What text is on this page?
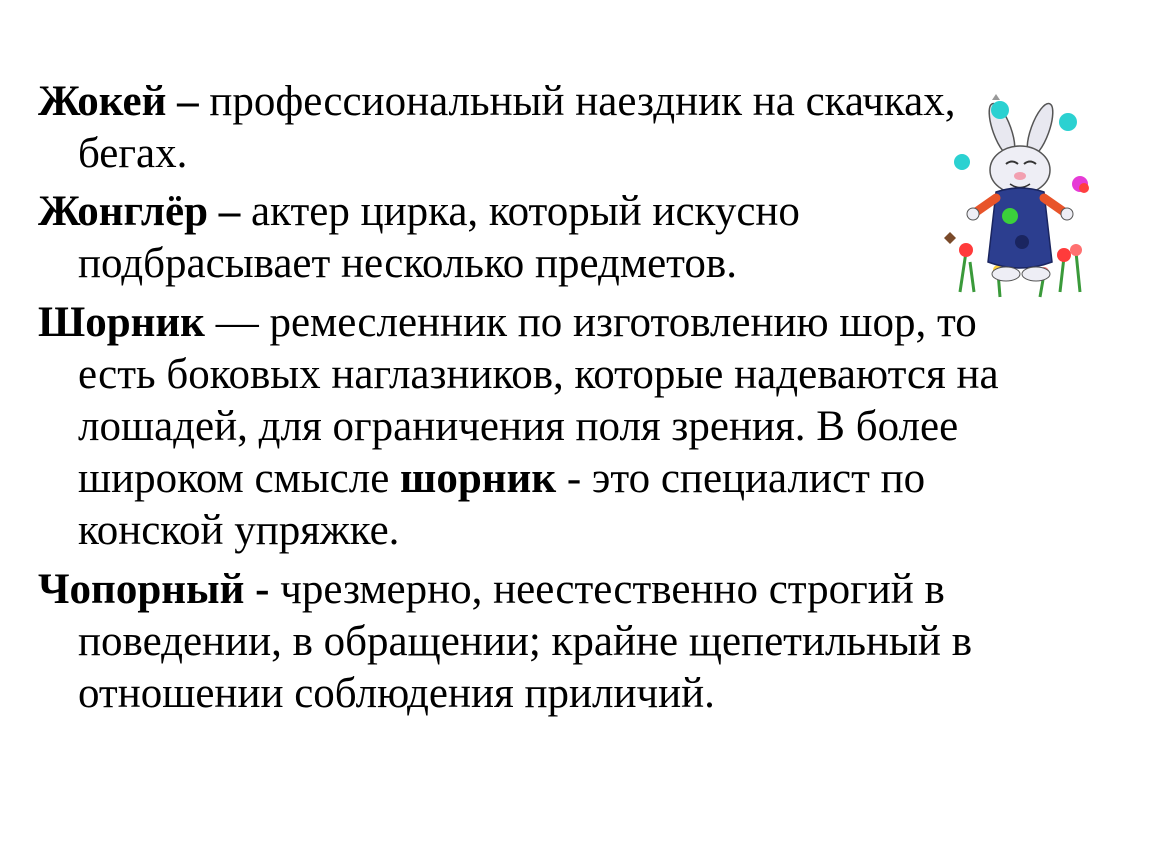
Жокей – профессиональный наездник на скачках,
бегах.
Жонглёр – актер цирка, который искусно
подбрасывает несколько предметов.
Шорник — ремесленник по изготовлению шор, то
есть боковых наглазников, которые надеваются на
лошадей, для ограничения поля зрения. В более
широком смысле шорник - это специалист по
конской упряжке.
Чопорный - чрезмерно, неестественно строгий в
поведении, в обращении; крайне щепетильный в
отношении соблюдения приличий.
